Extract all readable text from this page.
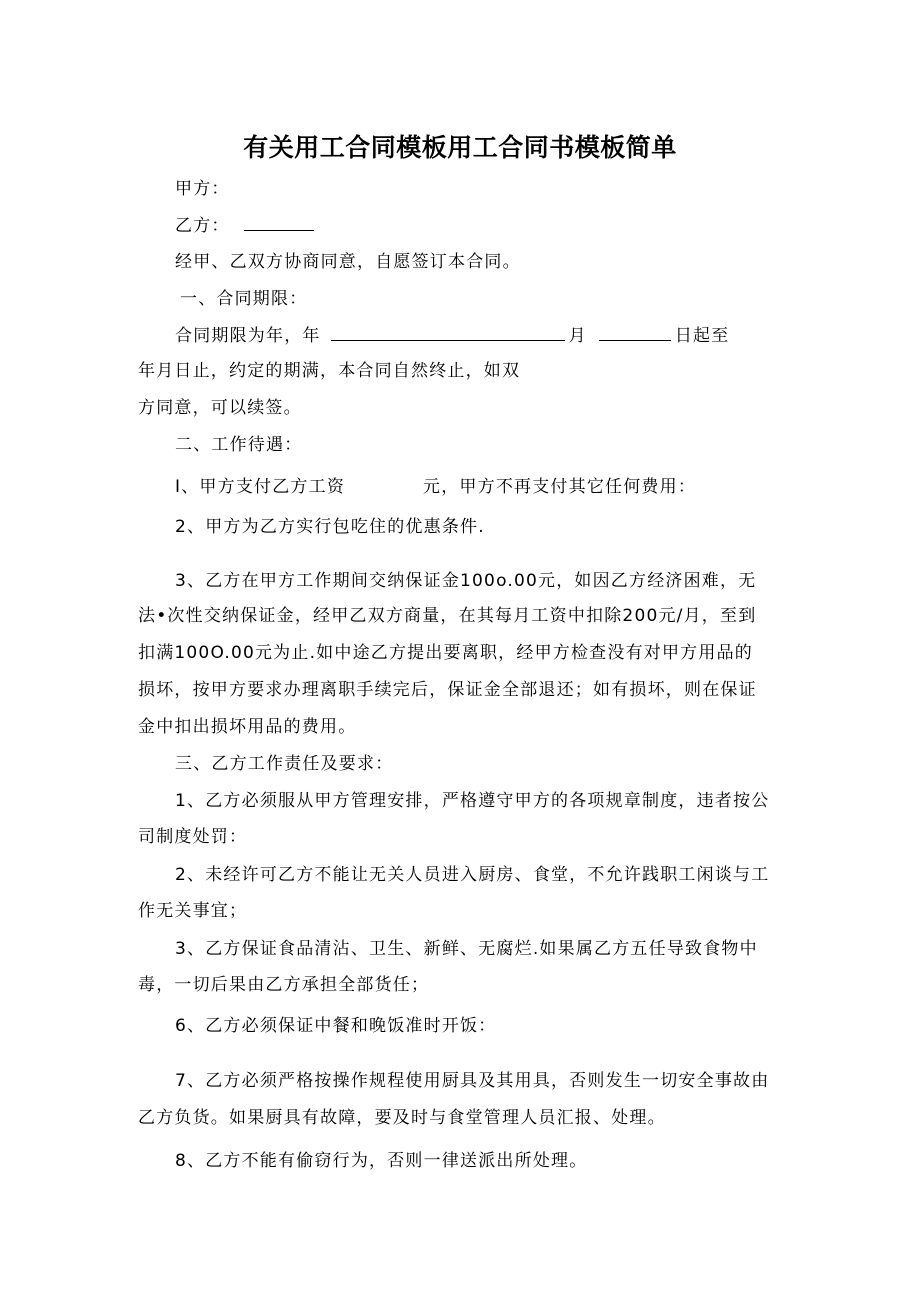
有关用工合同模板用工合同书模板简单
甲方：
乙方：
经甲、乙双方协商同意，自愿签订本合同。
一、合同期限：
合同期限为年，年	月	日起至
年月日止，约定的期满，本合同自然终止，如双
方同意，可以续签。
二、工作待遇：
I、甲方支付乙方工资	元，甲方不再支付其它任何费用：
2、甲方为乙方实行包吃住的优惠条件.
3、乙方在甲方工作期间交纳保证金100o.00元，如因乙方经济困难，无
法•次性交纳保证金，经甲乙双方商量，在其每月工资中扣除200元/月，至到
扣满100O.00元为止.如中途乙方提出要离职，经甲方检查没有对甲方用品的
损坏，按甲方要求办理离职手续完后，保证金全部退还；如有损坏，则在保证
金中扣出损坏用品的费用。
三、乙方工作责任及要求：
1、乙方必须服从甲方管理安排，严格遵守甲方的各项规章制度，违者按公
司制度处罚：
2、未经许可乙方不能让无关人员进入厨房、食堂，不允许践职工闲谈与工
作无关事宜；
3、乙方保证食品清沾、卫生、新鲜、无腐烂.如果属乙方五任导致食物中
毒，一切后果由乙方承担全部货任；
6、乙方必须保证中餐和晚饭准时开饭：
7、乙方必须严格按操作规程使用厨具及其用具，否则发生一切安全事故由
乙方负货。如果厨具有故障，要及时与食堂管理人员汇报、处理。
8、乙方不能有偷窃行为，否则一律送派出所处理。
